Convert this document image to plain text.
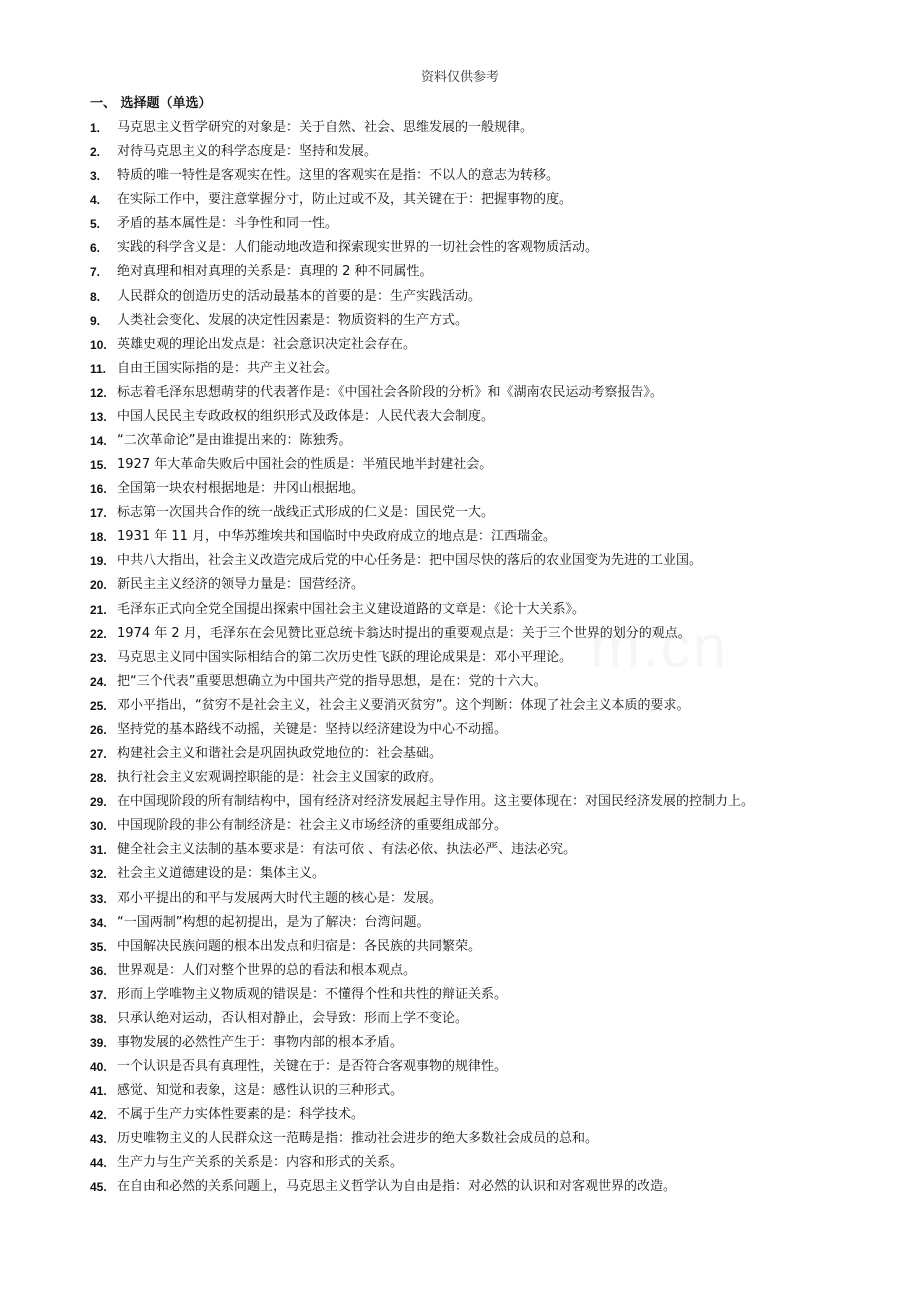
资料仅供参考
一、 选择题（单选）
1.	马克思主义哲学研究的对象是：关于自然、社会、思维发展的一般规律。
2.	对待马克思主义的科学态度是：坚持和发展。
3.	特质的唯一特性是客观实在性。这里的客观实在是指：不以人的意志为转移。
4.	在实际工作中，要注意掌握分寸，防止过或不及，其关键在于：把握事物的度。
5.	矛盾的基本属性是：斗争性和同一性。
6.	实践的科学含义是：人们能动地改造和探索现实世界的一切社会性的客观物质活动。
7.	绝对真理和相对真理的关系是：真理的 2 种不同属性。
8.	人民群众的创造历史的活动最基本的首要的是：生产实践活动。
9.	人类社会变化、发展的决定性因素是：物质资料的生产方式。
10. 英雄史观的理论出发点是：社会意识决定社会存在。
11. 自由王国实际指的是：共产主义社会。
12. 标志着毛泽东思想萌芽的代表著作是：《中国社会各阶段的分析》和《湖南农民运动考察报告》。
13. 中国人民民主专政政权的组织形式及政体是：人民代表大会制度。
14. “二次革命论”是由谁提出来的：陈独秀。
15. 1927 年大革命失败后中国社会的性质是：半殖民地半封建社会。
16. 全国第一块农村根据地是：井冈山根据地。
17. 标志第一次国共合作的统一战线正式形成的仁义是：国民党一大。
18. 1931 年 11 月，中华苏维埃共和国临时中央政府成立的地点是：江西瑞金。
19. 中共八大指出，社会主义改造完成后党的中心任务是：把中国尽快的落后的农业国变为先进的工业国。
20. 新民主主义经济的领导力量是：国营经济。
21. 毛泽东正式向全党全国提出探索中国社会主义建设道路的文章是：《论十大关系》。
22. 1974 年 2 月，毛泽东在会见赞比亚总统卡翁达时提出的重要观点是：关于三个世界的划分的观点。
23. 马克思主义同中国实际相结合的第二次历史性飞跃的理论成果是：邓小平理论。
24. 把“三个代表”重要思想确立为中国共产党的指导思想，是在：党的十六大。
25. 邓小平指出，“贫穷不是社会主义，社会主义要消灭贫穷”。这个判断：体现了社会主义本质的要求。
26. 坚持党的基本路线不动摇，关键是：坚持以经济建设为中心不动摇。
27. 构建社会主义和谐社会是巩固执政党地位的：社会基础。
28. 执行社会主义宏观调控职能的是：社会主义国家的政府。
29. 在中国现阶段的所有制结构中，国有经济对经济发展起主导作用。这主要体现在：对国民经济发展的控制力上。
30. 中国现阶段的非公有制经济是：社会主义市场经济的重要组成部分。
31. 健全社会主义法制的基本要求是：有法可依 、有法必依、执法必严、违法必究。
32. 社会主义道德建设的是：集体主义。
33. 邓小平提出的和平与发展两大时代主题的核心是：发展。
34. “一国两制”构想的起初提出，是为了解决：台湾问题。
35. 中国解决民族问题的根本出发点和归宿是：各民族的共同繁荣。
36. 世界观是：人们对整个世界的总的看法和根本观点。
37. 形而上学唯物主义物质观的错误是：不懂得个性和共性的辩证关系。
38. 只承认绝对运动，否认相对静止，会导致：形而上学不变论。
39. 事物发展的必然性产生于：事物内部的根本矛盾。
40. 一个认识是否具有真理性，关键在于：是否符合客观事物的规律性。
41. 感觉、知觉和表象，这是：感性认识的三种形式。
42. 不属于生产力实体性要素的是：科学技术。
43. 历史唯物主义的人民群众这一范畴是指：推动社会进步的绝大多数社会成员的总和。
44. 生产力与生产关系的关系是：内容和形式的关系。
45. 在自由和必然的关系问题上，马克思主义哲学认为自由是指：对必然的认识和对客观世界的改造。
